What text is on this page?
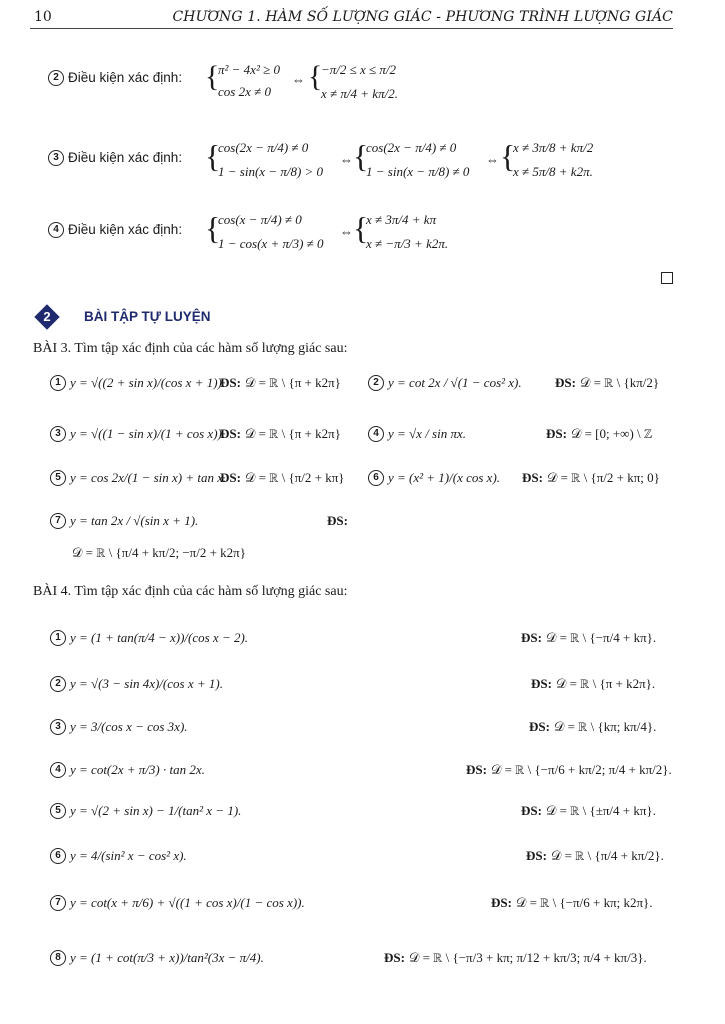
10	CHƯƠNG 1. HÀM SỐ LƯỢNG GIÁC - PHƯƠNG TRÌNH LƯỢNG GIÁC
2 Điều kiện xác định: {
π² − 4x² ≥ 0
cos 2x ≠ 0
⇔ {
−π/2 ≤ x ≤ π/2
x ≠ π/4 + kπ/2.
3 Điều kiện xác định: {
cos(2x − π/4) ≠ 0
1 − sin(x − π/8) > 0
⇔ {
cos(2x − π/4) ≠ 0
1 − sin(x − π/8) ≠ 0
⇔ {
x ≠ 3π/8 + kπ/2
x ≠ 5π/8 + k2π.
4 Điều kiện xác định: {
cos(x − π/4) ≠ 0
1 − cos(x + π/3) ≠ 0
⇔ {
x ≠ 3π/4 + kπ
x ≠ −π/3 + k2π.
2	BÀI TẬP TỰ LUYỆN
BÀI 3. Tìm tập xác định của các hàm số lượng giác sau:
1 y = √((2 + sin x)/(cos x + 1)).
ĐS: 𝒟 = ℝ \ {π + k2π}	2 y = cot 2x / √(1 − cos² x).	ĐS: 𝒟 = ℝ \ {kπ/2}
3 y = √((1 − sin x)/(1 + cos x)).
ĐS: 𝒟 = ℝ \ {π + k2π}	4 y = √x / sin πx.	ĐS: 𝒟 = [0; +∞) \ ℤ
5 y = cos 2x/(1 − sin x) + tan x.
ĐS: 𝒟 = ℝ \ {π/2 + kπ}	6 y = (x² + 1)/(x cos x). ĐS: 𝒟 = ℝ \ {π/2 + kπ; 0}
7 y = tan 2x / √(sin x + 1).	ĐS:
𝒟 = ℝ \ {π/4 + kπ/2; −π/2 + k2π}
BÀI 4. Tìm tập xác định của các hàm số lượng giác sau:
1 y = (1 + tan(π/4 − x))/(cos x − 2).	ĐS: 𝒟 = ℝ \ {−π/4 + kπ}.
2 y = √(3 − sin 4x)/(cos x + 1).	ĐS: 𝒟 = ℝ \ {π + k2π}.
3 y = 3/(cos x − cos 3x).	ĐS: 𝒟 = ℝ \ {kπ; kπ/4}.
4 y = cot(2x + π/3) · tan 2x.	ĐS: 𝒟 = ℝ \ {−π/6 + kπ/2; π/4 + kπ/2}.
5 y = √(2 + sin x) − 1/(tan² x − 1).	ĐS: 𝒟 = ℝ \ {±π/4 + kπ}.
6 y = 4/(sin² x − cos² x).	ĐS: 𝒟 = ℝ \ {π/4 + kπ/2}.
7 y = cot(x + π/6) + √((1 + cos x)/(1 − cos x)).	ĐS: 𝒟 = ℝ \ {−π/6 + kπ; k2π}.
8 y = (1 + cot(π/3 + x))/tan²(3x − π/4).	ĐS: 𝒟 = ℝ \ {−π/3 + kπ; π/12 + kπ/3; π/4 + kπ/3}.
